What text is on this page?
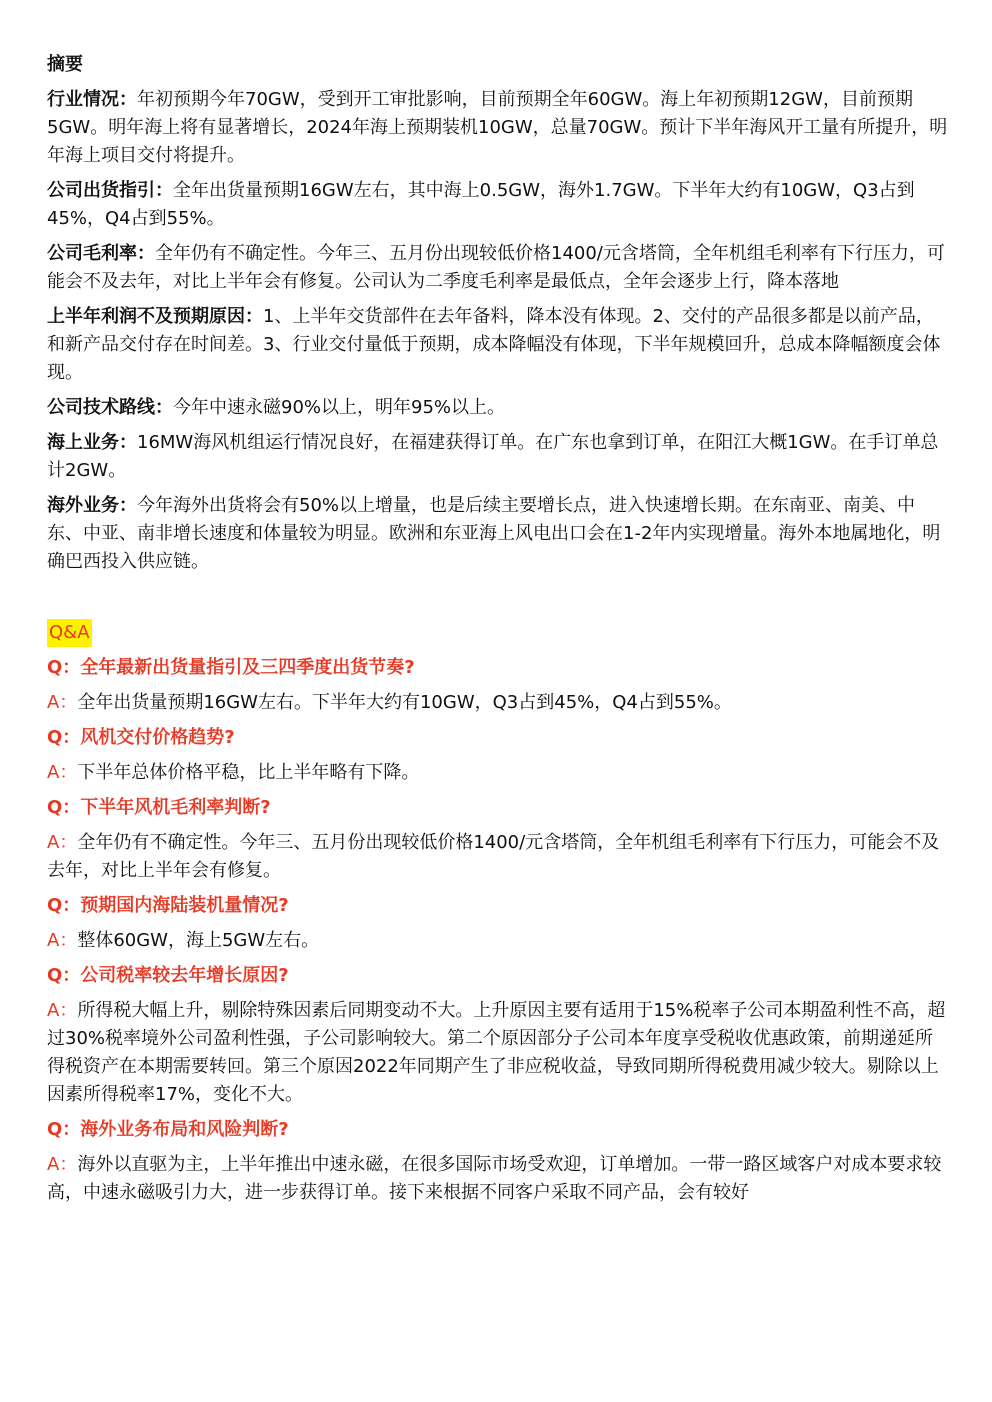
摘要
行业情况：年初预期今年70GW，受到开工审批影响，目前预期全年60GW。海上年初预期12GW，目前预期5GW。明年海上将有显著增长，2024年海上预期装机10GW，总量70GW。预计下半年海风开工量有所提升，明年海上项目交付将提升。
公司出货指引：全年出货量预期16GW左右，其中海上0.5GW，海外1.7GW。下半年大约有10GW，Q3占到45%，Q4占到55%。
公司毛利率：全年仍有不确定性。今年三、五月份出现较低价格1400/元含塔筒，全年机组毛利率有下行压力，可能会不及去年，对比上半年会有修复。公司认为二季度毛利率是最低点，全年会逐步上行，降本落地
上半年利润不及预期原因：1、上半年交货部件在去年备料，降本没有体现。2、交付的产品很多都是以前产品，和新产品交付存在时间差。3、行业交付量低于预期，成本降幅没有体现，下半年规模回升，总成本降幅额度会体现。
公司技术路线：今年中速永磁90%以上，明年95%以上。
海上业务：16MW海风机组运行情况良好，在福建获得订单。在广东也拿到订单，在阳江大概1GW。在手订单总计2GW。
海外业务：今年海外出货将会有50%以上增量，也是后续主要增长点，进入快速增长期。在东南亚、南美、中东、中亚、南非增长速度和体量较为明显。欧洲和东亚海上风电出口会在1-2年内实现增量。海外本地属地化，明确巴西投入供应链。
Q&A
Q：全年最新出货量指引及三四季度出货节奏?
A：全年出货量预期16GW左右。下半年大约有10GW，Q3占到45%，Q4占到55%。
Q：风机交付价格趋势?
A：下半年总体价格平稳，比上半年略有下降。
Q：下半年风机毛利率判断?
A：全年仍有不确定性。今年三、五月份出现较低价格1400/元含塔筒，全年机组毛利率有下行压力，可能会不及去年，对比上半年会有修复。
Q：预期国内海陆装机量情况?
A：整体60GW，海上5GW左右。
Q：公司税率较去年增长原因?
A：所得税大幅上升，剔除特殊因素后同期变动不大。上升原因主要有适用于15%税率子公司本期盈利性不高，超过30%税率境外公司盈利性强，子公司影响较大。第二个原因部分子公司本年度享受税收优惠政策，前期递延所得税资产在本期需要转回。第三个原因2022年同期产生了非应税收益，导致同期所得税费用减少较大。剔除以上因素所得税率17%，变化不大。
Q：海外业务布局和风险判断?
A：海外以直驱为主，上半年推出中速永磁，在很多国际市场受欢迎，订单增加。一带一路区域客户对成本要求较高，中速永磁吸引力大，进一步获得订单。接下来根据不同客户采取不同产品，会有较好
